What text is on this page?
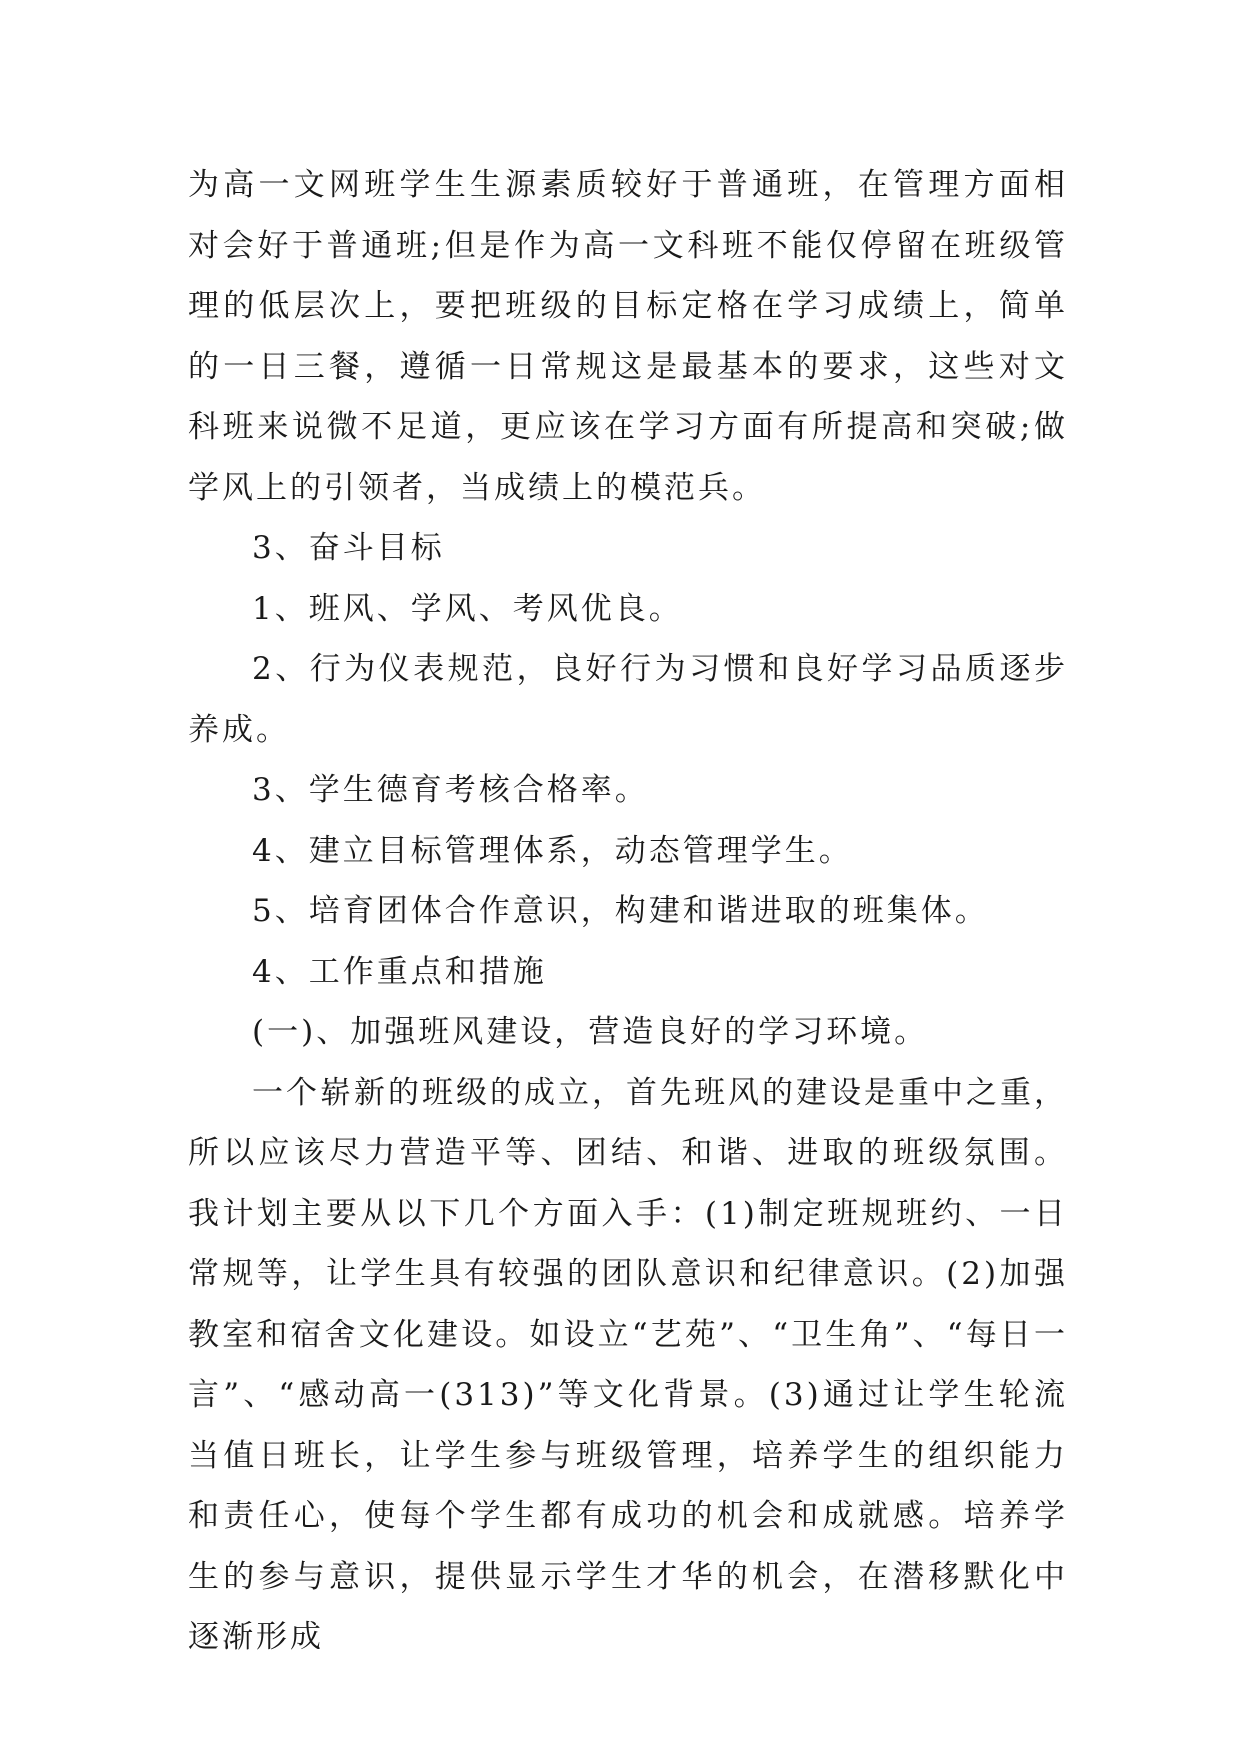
为高一文网班学生生源素质较好于普通班，在管理方面相对会好于普通班;但是作为高一文科班不能仅停留在班级管理的低层次上，要把班级的目标定格在学习成绩上，简单的一日三餐，遵循一日常规这是最基本的要求，这些对文科班来说微不足道，更应该在学习方面有所提高和突破;做学风上的引领者，当成绩上的模范兵。

3、奋斗目标

1、班风、学风、考风优良。

2、行为仪表规范，良好行为习惯和良好学习品质逐步养成。

3、学生德育考核合格率。

4、建立目标管理体系，动态管理学生。

5、培育团体合作意识，构建和谐进取的班集体。

4、工作重点和措施

(一)、加强班风建设，营造良好的学习环境。

一个崭新的班级的成立，首先班风的建设是重中之重，所以应该尽力营造平等、团结、和谐、进取的班级氛围。我计划主要从以下几个方面入手：(1)制定班规班约、一日常规等，让学生具有较强的团队意识和纪律意识。(2)加强教室和宿舍文化建设。如设立“艺苑”、“卫生角”、“每日一言”、“感动高一(313)”等文化背景。(3)通过让学生轮流当值日班长，让学生参与班级管理，培养学生的组织能力和责任心，使每个学生都有成功的机会和成就感。培养学生的参与意识，提供显示学生才华的机会，在潜移默化中逐渐形成
